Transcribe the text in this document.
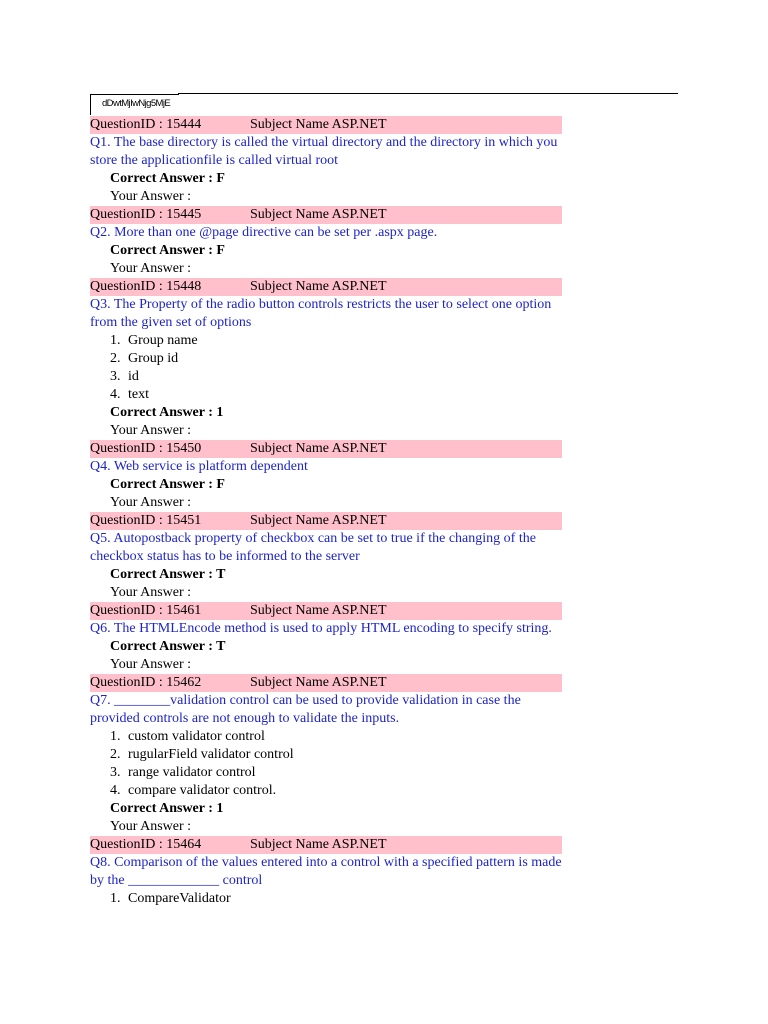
dDwtMjIwNjg5MjE
QuestionID : 15444	Subject Name ASP.NET

Q1. The base directory is called the virtual directory and the directory in which you store the applicationfile is called virtual root

Correct Answer : F
Your Answer :
QuestionID : 15445	Subject Name ASP.NET

Q2. More than one @page directive can be set per .aspx page.

Correct Answer : F
Your Answer :
QuestionID : 15448	Subject Name ASP.NET

Q3. The Property of the radio button controls restricts the user to select one option from the given set of options

1. Group name
2. Group id
3. id
4. text
Correct Answer : 1
Your Answer :
QuestionID : 15450	Subject Name ASP.NET

Q4. Web service is platform dependent

Correct Answer : F
Your Answer :
QuestionID : 15451	Subject Name ASP.NET

Q5. Autopostback property of checkbox can be set to true if the changing of the checkbox status has to be informed to the server

Correct Answer : T
Your Answer :
QuestionID : 15461	Subject Name ASP.NET

Q6. The HTMLEncode method is used to apply HTML encoding to specify string.

Correct Answer : T
Your Answer :
QuestionID : 15462	Subject Name ASP.NET

Q7. ________validation control can be used to provide validation in case the provided controls are not enough to validate the inputs.

1. custom validator control
2. rugularField validator control
3. range validator control
4. compare validator control.
Correct Answer : 1
Your Answer :
QuestionID : 15464	Subject Name ASP.NET

Q8. Comparison of the values entered into a control with a specified pattern is made by the _____________ control

1. CompareValidator
